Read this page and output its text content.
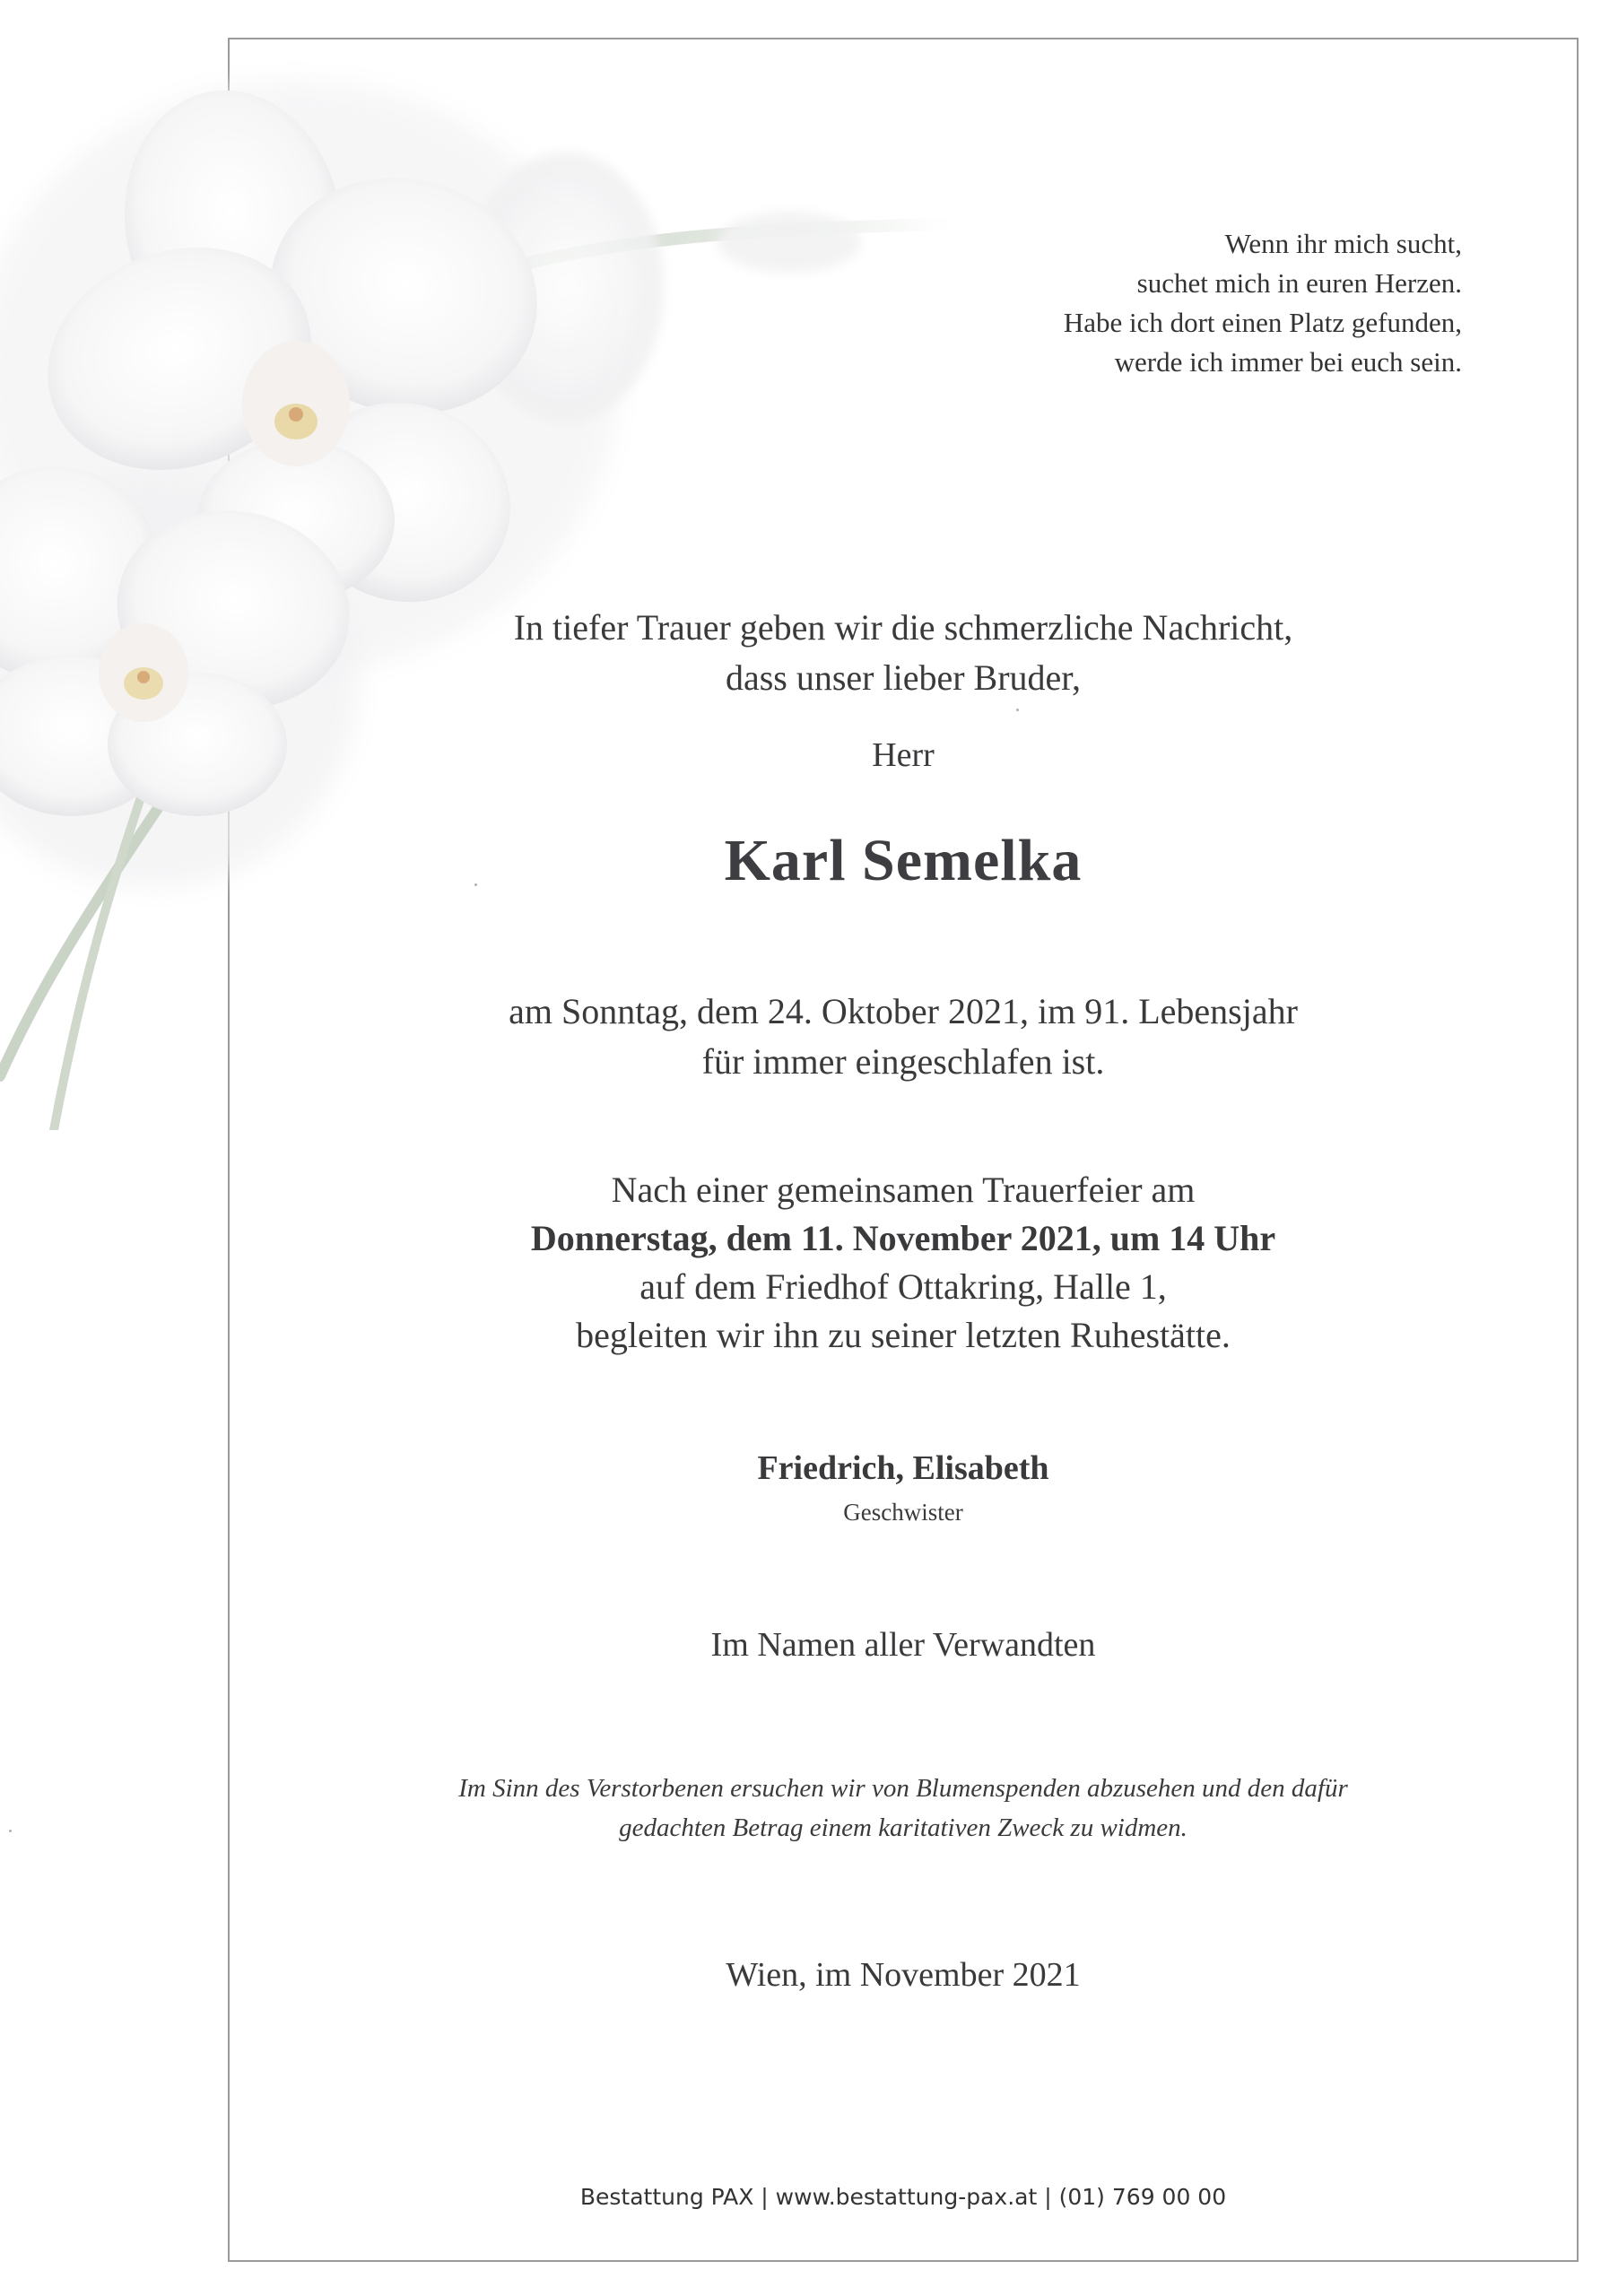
Wenn ihr mich sucht,
suchet mich in euren Herzen.
Habe ich dort einen Platz gefunden,
werde ich immer bei euch sein.
In tiefer Trauer geben wir die schmerzliche Nachricht,
dass unser lieber Bruder,
Herr
Karl Semelka
am Sonntag, dem 24. Oktober 2021, im 91. Lebensjahr
für immer eingeschlafen ist.
Nach einer gemeinsamen Trauerfeier am
Donnerstag, dem 11. November 2021, um 14 Uhr
auf dem Friedhof Ottakring, Halle 1,
begleiten wir ihn zu seiner letzten Ruhestätte.
Friedrich, Elisabeth
Geschwister
Im Namen aller Verwandten
Im Sinn des Verstorbenen ersuchen wir von Blumenspenden abzusehen und den dafür
gedachten Betrag einem karitativen Zweck zu widmen.
Wien, im November 2021
Bestattung PAX | www.bestattung-pax.at | (01) 769 00 00
